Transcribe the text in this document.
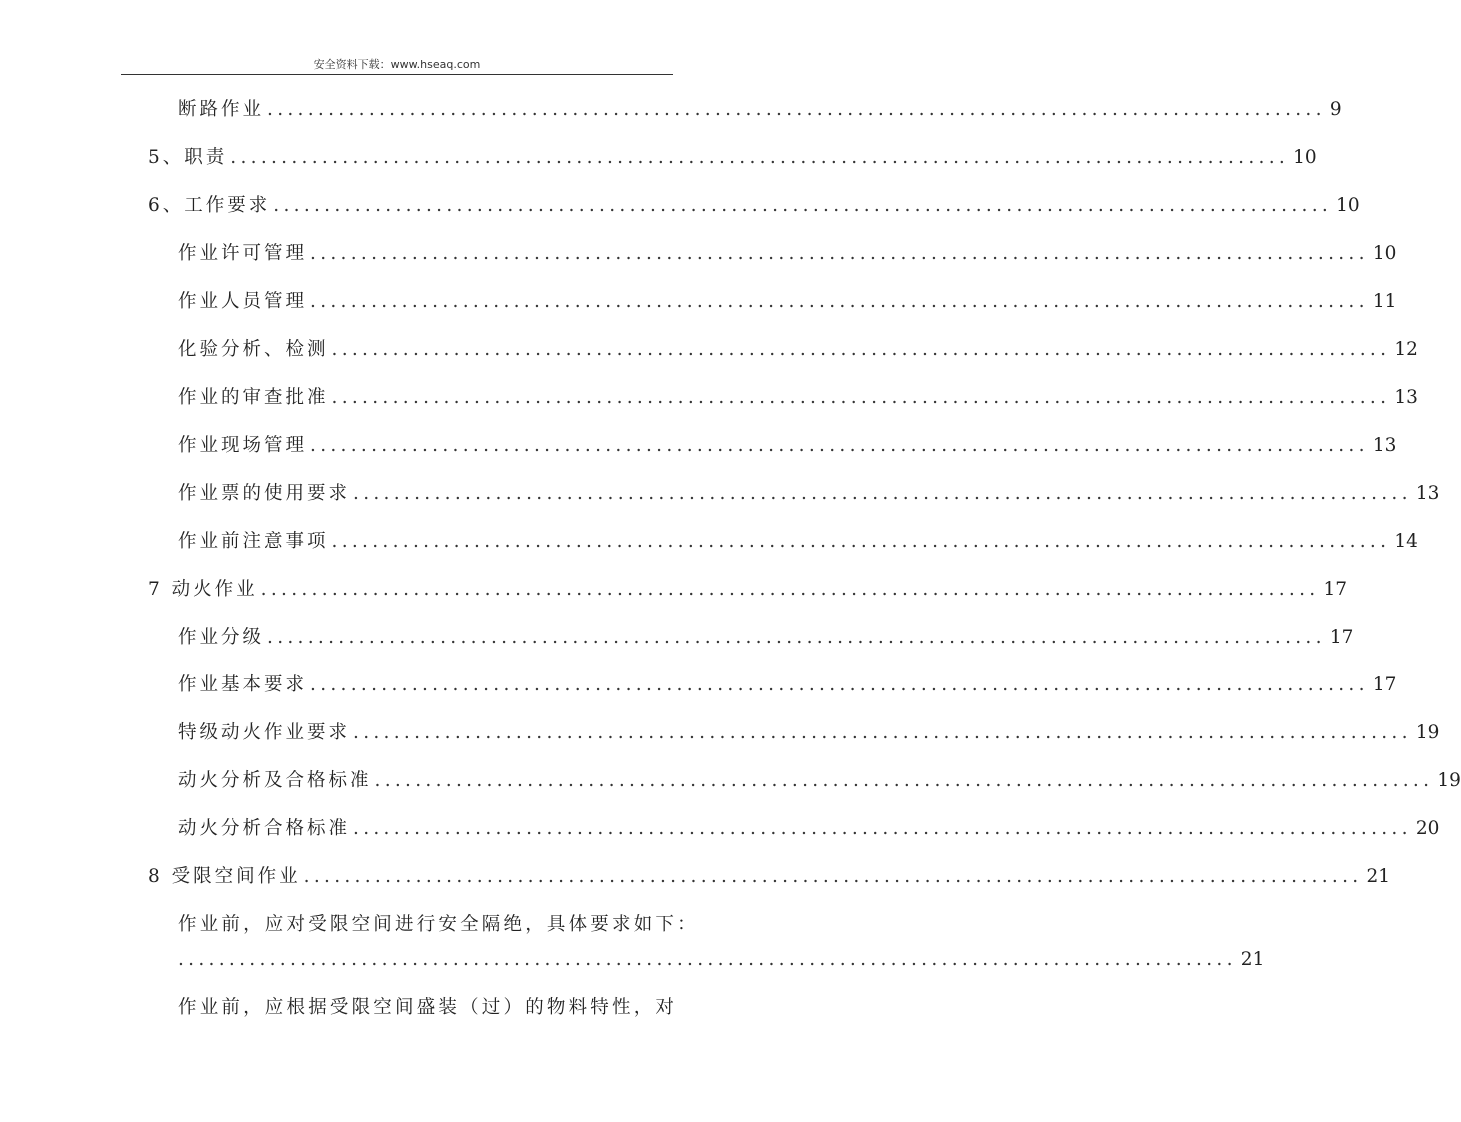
安全资料下载：www.hseaq.com
断路作业 ........................................................................................................ 9
5、职责 ........................................................................................................ 10
6、工作要求 ........................................................................................................ 10
作业许可管理 ........................................................................................................ 10
作业人员管理 ........................................................................................................ 11
化验分析、检测 ........................................................................................................ 12
作业的审查批准 ........................................................................................................ 13
作业现场管理 ........................................................................................................ 13
作业票的使用要求 ........................................................................................................ 13
作业前注意事项 ........................................................................................................ 14
7 动火作业 ........................................................................................................ 17
作业分级 ........................................................................................................ 17
作业基本要求 ........................................................................................................ 17
特级动火作业要求 ........................................................................................................ 19
动火分析及合格标准 ........................................................................................................ 19
动火分析合格标准 ........................................................................................................ 20
8 受限空间作业 ........................................................................................................ 21
作业前，应对受限空间进行安全隔绝，具体要求如下：
........................................................................................................ 21
作业前，应根据受限空间盛装（过）的物料特性，对
